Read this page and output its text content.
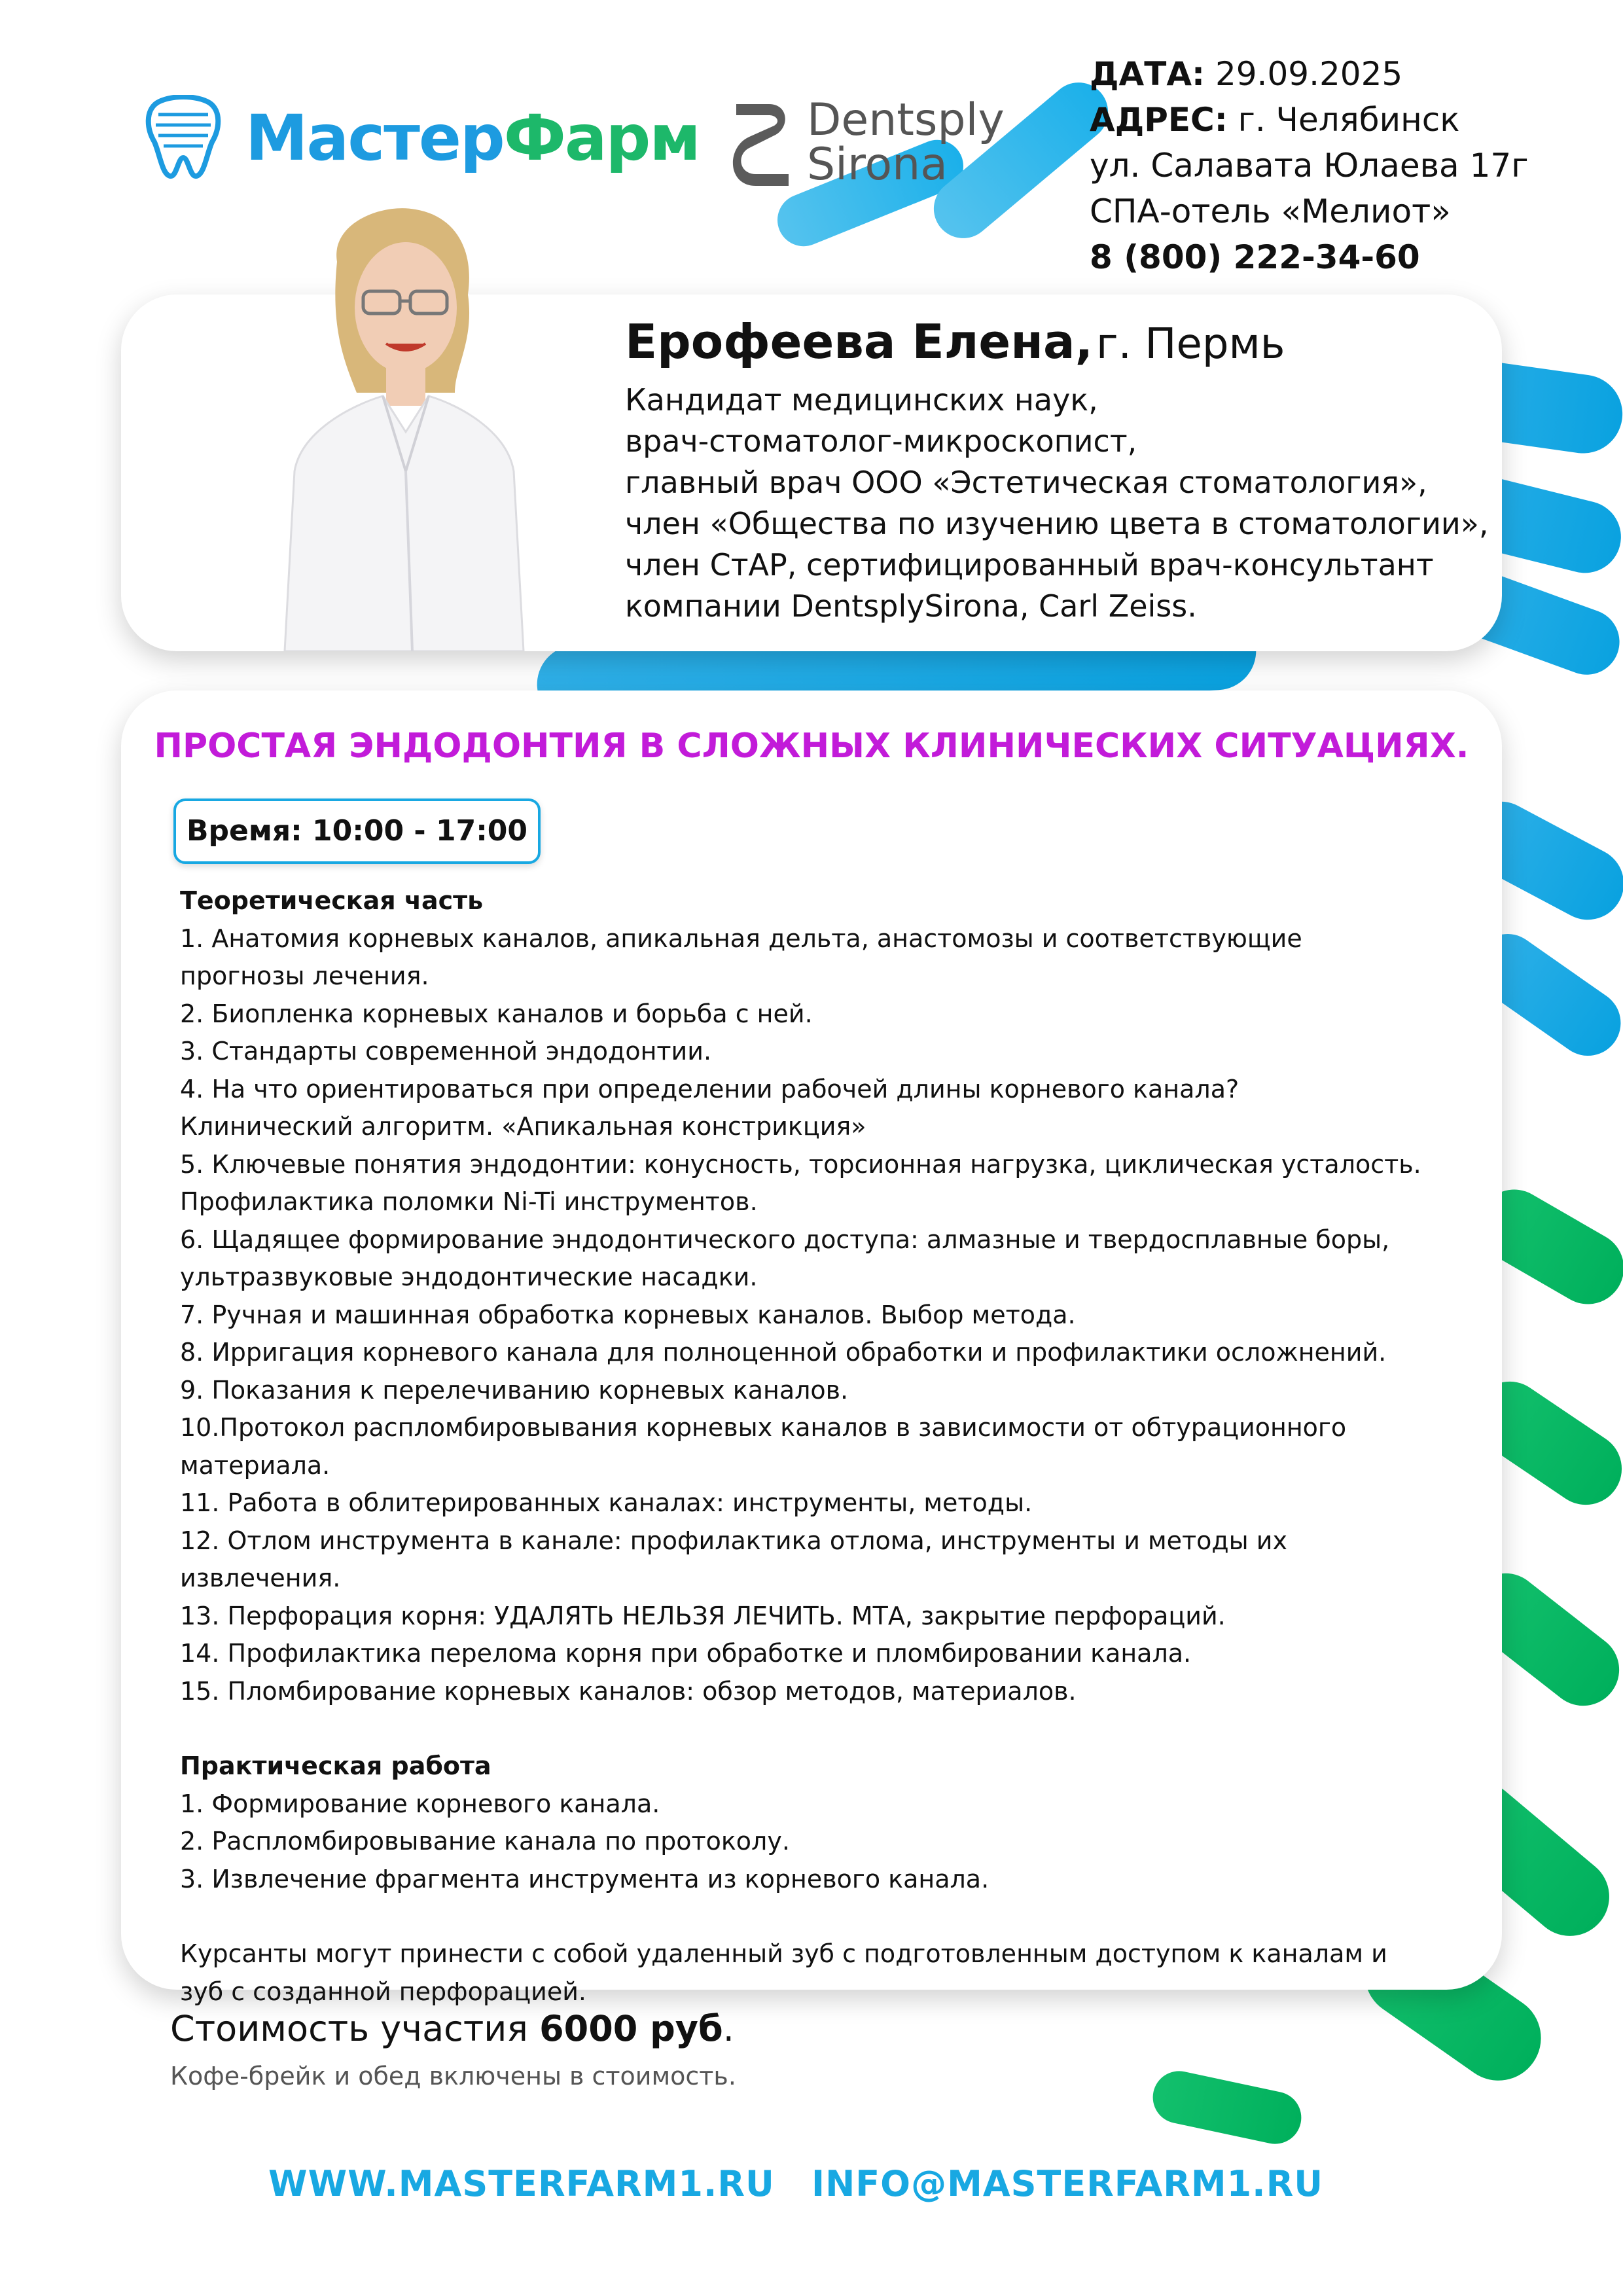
МастерФарм Dentsply
Sirona
ДАТА: 29.09.2025
АДРЕС: г. Челябинск
ул. Салавата Юлаева 17г
СПА-отель «Мелиот»
8 (800) 222-34-60
Ерофеева Елена, г. Пермь
Кандидат медицинских наук,
врач-стоматолог-микроскопист,
главный врач ООО «Эстетическая стоматология»,
член «Общества по изучению цвета в стоматологии»,
член СтАР, сертифицированный врач-консультант
компании DentsplySirona, Carl Zeiss.
ПРОСТАЯ ЭНДОДОНТИЯ В СЛОЖНЫХ КЛИНИЧЕСКИХ СИТУАЦИЯХ.
Время: 10:00 - 17:00
Теоретическая часть
1. Анатомия корневых каналов, апикальная дельта, анастомозы и соответствующие
прогнозы лечения.
2. Биопленка корневых каналов и борьба с ней.
3. Стандарты современной эндодонтии.
4. На что ориентироваться при определении рабочей длины корневого канала?
Клинический алгоритм. «Апикальная констрикция»
5. Ключевые понятия эндодонтии: конусность, торсионная нагрузка, циклическая усталость.
Профилактика поломки Ni-Ti инструментов.
6. Щадящее формирование эндодонтического доступа: алмазные и твердосплавные боры,
ультразвуковые эндодонтические насадки.
7. Ручная и машинная обработка корневых каналов. Выбор метода.
8. Ирригация корневого канала для полноценной обработки и профилактики осложнений.
9. Показания к перелечиванию корневых каналов.
10.Протокол распломбировывания корневых каналов в зависимости от обтурационного
материала.
11. Работа в облитерированных каналах: инструменты, методы.
12. Отлом инструмента в канале: профилактика отлома, инструменты и методы их извлечения.
13. Перфорация корня: УДАЛЯТЬ НЕЛЬЗЯ ЛЕЧИТЬ. МТА, закрытие перфораций.
14. Профилактика перелома корня при обработке и пломбировании канала.
15. Пломбирование корневых каналов: обзор методов, материалов.
Практическая работа
1. Формирование корневого канала.
2. Распломбировывание канала по протоколу.
3. Извлечение фрагмента инструмента из корневого канала.
Курсанты могут принести с собой удаленный зуб с подготовленным доступом к каналам и
зуб с созданной перфорацией.
Стоимость участия 6000 руб.
Кофе-брейк и обед включены в стоимость.
WWW.MASTERFARM1.RU INFO@MASTERFARM1.RU
